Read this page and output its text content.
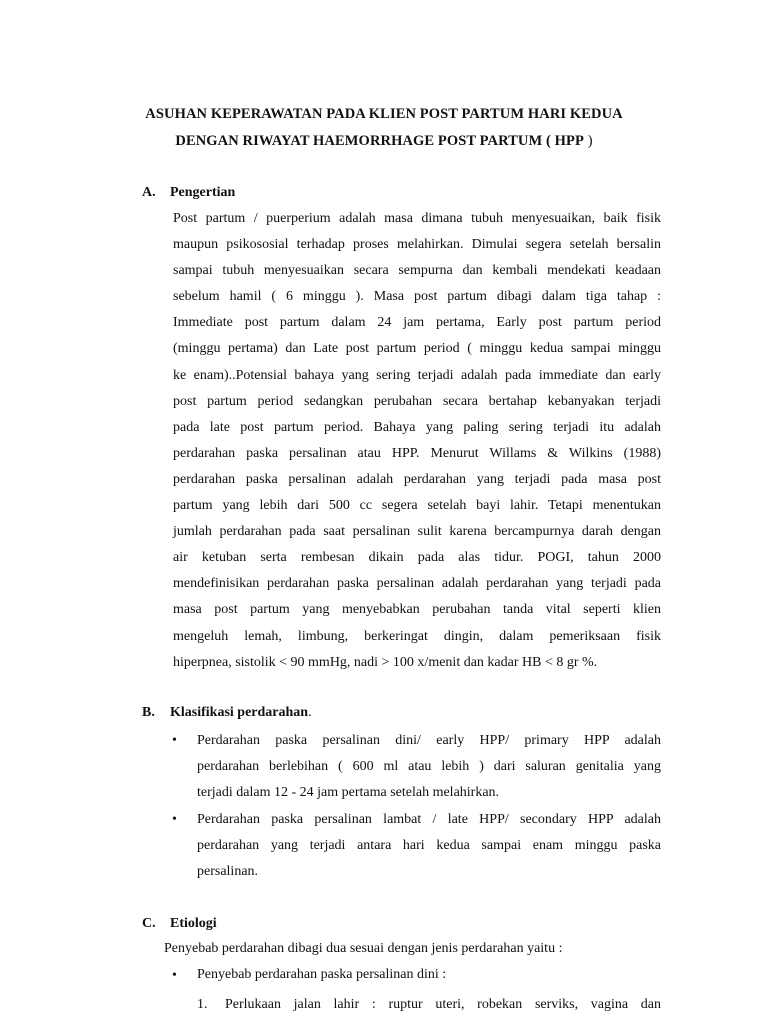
ASUHAN KEPERAWATAN PADA KLIEN POST PARTUM HARI KEDUA
DENGAN RIWAYAT HAEMORRHAGE POST PARTUM ( HPP )
A. Pengertian
Post partum / puerperium adalah masa dimana tubuh menyesuaikan, baik fisik
maupun psikososial terhadap proses melahirkan. Dimulai segera setelah bersalin
sampai tubuh menyesuaikan secara sempurna dan kembali mendekati keadaan
sebelum hamil ( 6 minggu ). Masa post partum dibagi dalam tiga tahap :
Immediate post partum dalam 24 jam pertama, Early post partum period
(minggu pertama) dan Late post partum period ( minggu kedua sampai minggu
ke enam)..Potensial bahaya yang sering terjadi adalah pada immediate dan early
post partum period sedangkan perubahan secara bertahap kebanyakan terjadi
pada late post partum period. Bahaya yang paling sering terjadi itu adalah
perdarahan paska persalinan atau HPP. Menurut Willams & Wilkins (1988)
perdarahan paska persalinan adalah perdarahan yang terjadi pada masa post
partum yang lebih dari 500 cc segera setelah bayi lahir. Tetapi menentukan
jumlah perdarahan pada saat persalinan sulit karena bercampurnya darah dengan
air ketuban serta rembesan dikain pada alas tidur. POGI, tahun 2000
mendefinisikan perdarahan paska persalinan adalah perdarahan yang terjadi pada
masa post partum yang menyebabkan perubahan tanda vital seperti klien
mengeluh lemah, limbung, berkeringat dingin, dalam pemeriksaan fisik
hiperpnea, sistolik < 90 mmHg, nadi > 100 x/menit dan kadar HB < 8 gr %.
B. Klasifikasi perdarahan.
• Perdarahan paska persalinan dini/ early HPP/ primary HPP adalah
perdarahan berlebihan ( 600 ml atau lebih ) dari saluran genitalia yang
terjadi dalam 12 - 24 jam pertama setelah melahirkan.
• Perdarahan paska persalinan lambat / late HPP/ secondary HPP adalah
perdarahan yang terjadi antara hari kedua sampai enam minggu paska
persalinan.
C. Etiologi
Penyebab perdarahan dibagi dua sesuai dengan jenis perdarahan yaitu :
• Penyebab perdarahan paska persalinan dini :
1. Perlukaan jalan lahir : ruptur uteri, robekan serviks, vagina dan
